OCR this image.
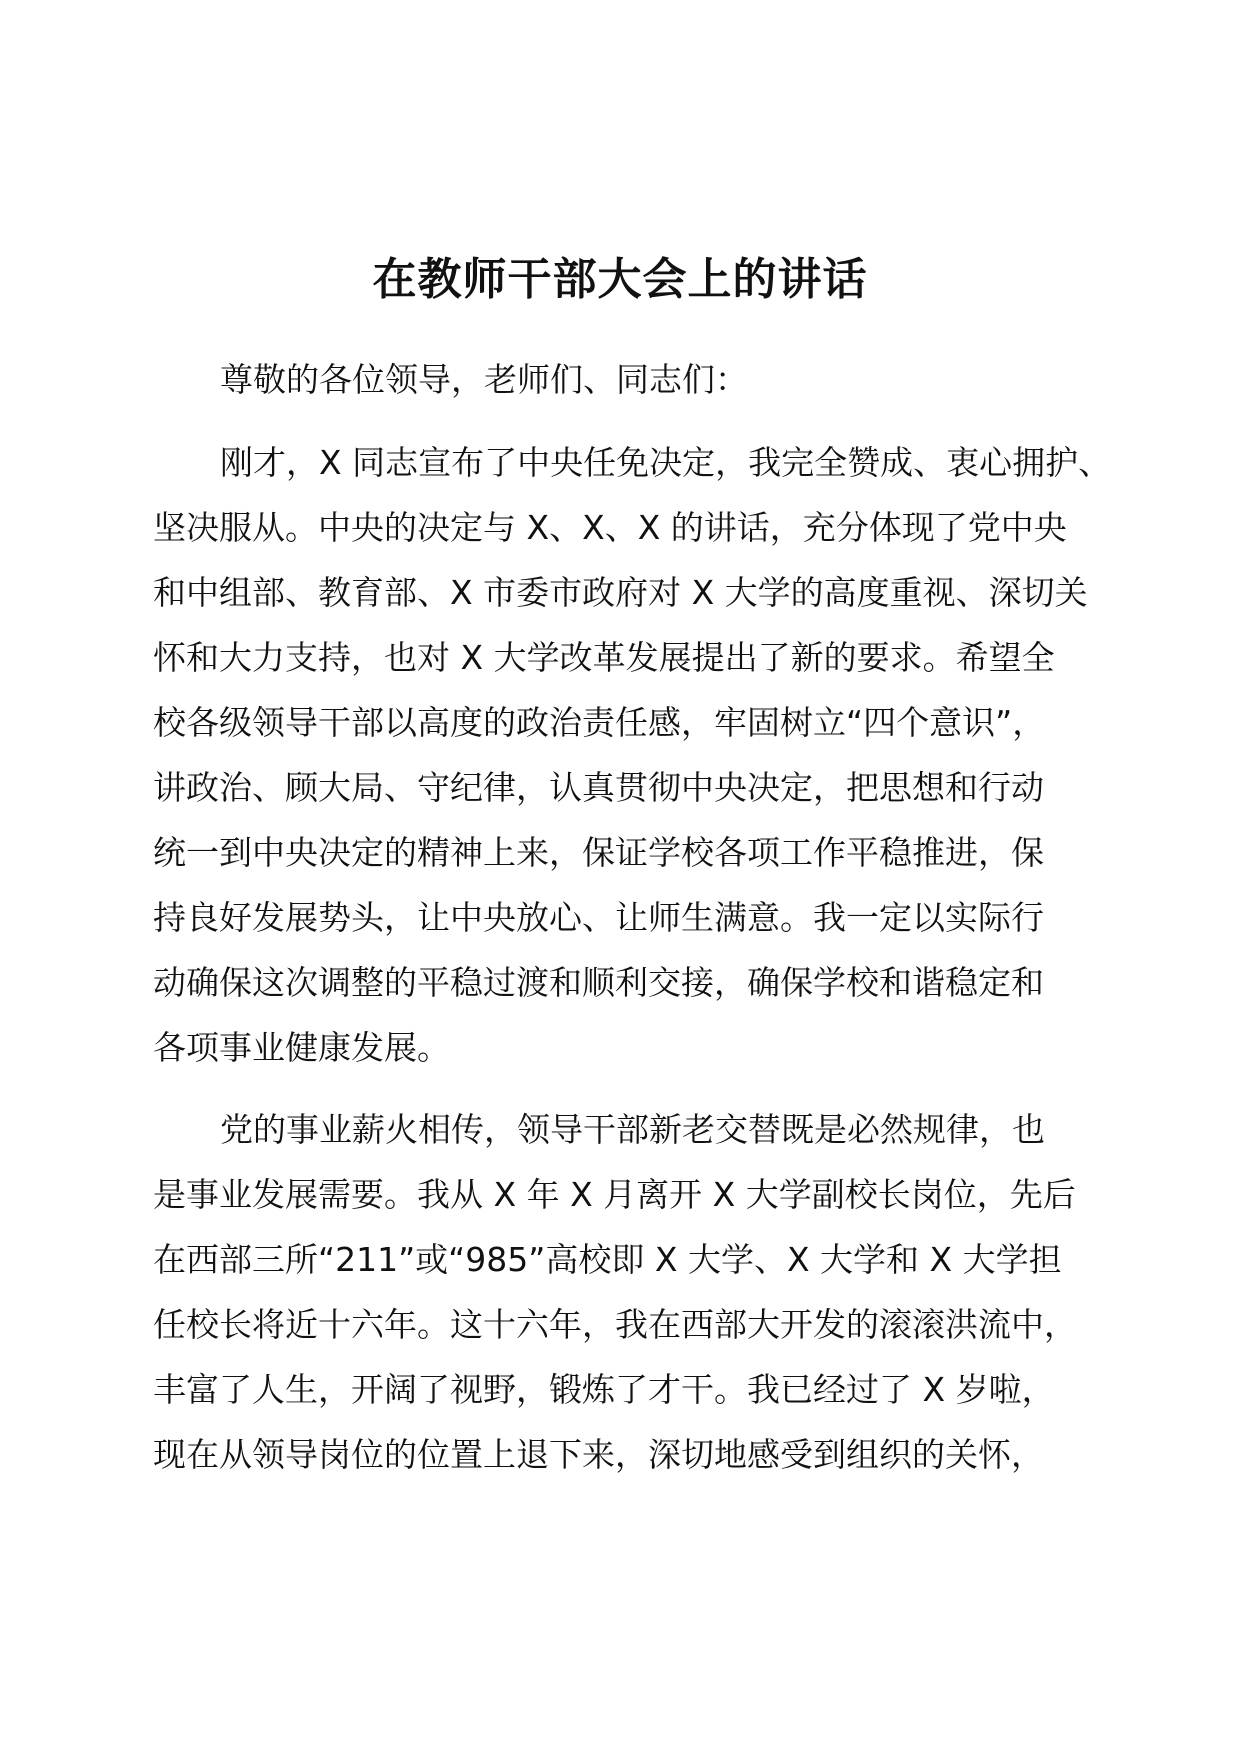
在教师干部大会上的讲话

尊敬的各位领导，老师们、同志们：

刚才，X 同志宣布了中央任免决定，我完全赞成、衷心拥护、
坚决服从。中央的决定与 X、X、X 的讲话，充分体现了党中央
和中组部、教育部、X 市委市政府对 X 大学的高度重视、深切关
怀和大力支持，也对 X 大学改革发展提出了新的要求。希望全
校各级领导干部以高度的政治责任感，牢固树立“四个意识”，
讲政治、顾大局、守纪律，认真贯彻中央决定，把思想和行动
统一到中央决定的精神上来，保证学校各项工作平稳推进，保
持良好发展势头，让中央放心、让师生满意。我一定以实际行
动确保这次调整的平稳过渡和顺利交接，确保学校和谐稳定和
各项事业健康发展。
党的事业薪火相传，领导干部新老交替既是必然规律，也
是事业发展需要。我从 X 年 X 月离开 X 大学副校长岗位，先后
在西部三所“211”或“985”高校即 X 大学、X 大学和 X 大学担
任校长将近十六年。这十六年，我在西部大开发的滚滚洪流中，
丰富了人生，开阔了视野，锻炼了才干。我已经过了 X 岁啦，
现在从领导岗位的位置上退下来，深切地感受到组织的关怀，
